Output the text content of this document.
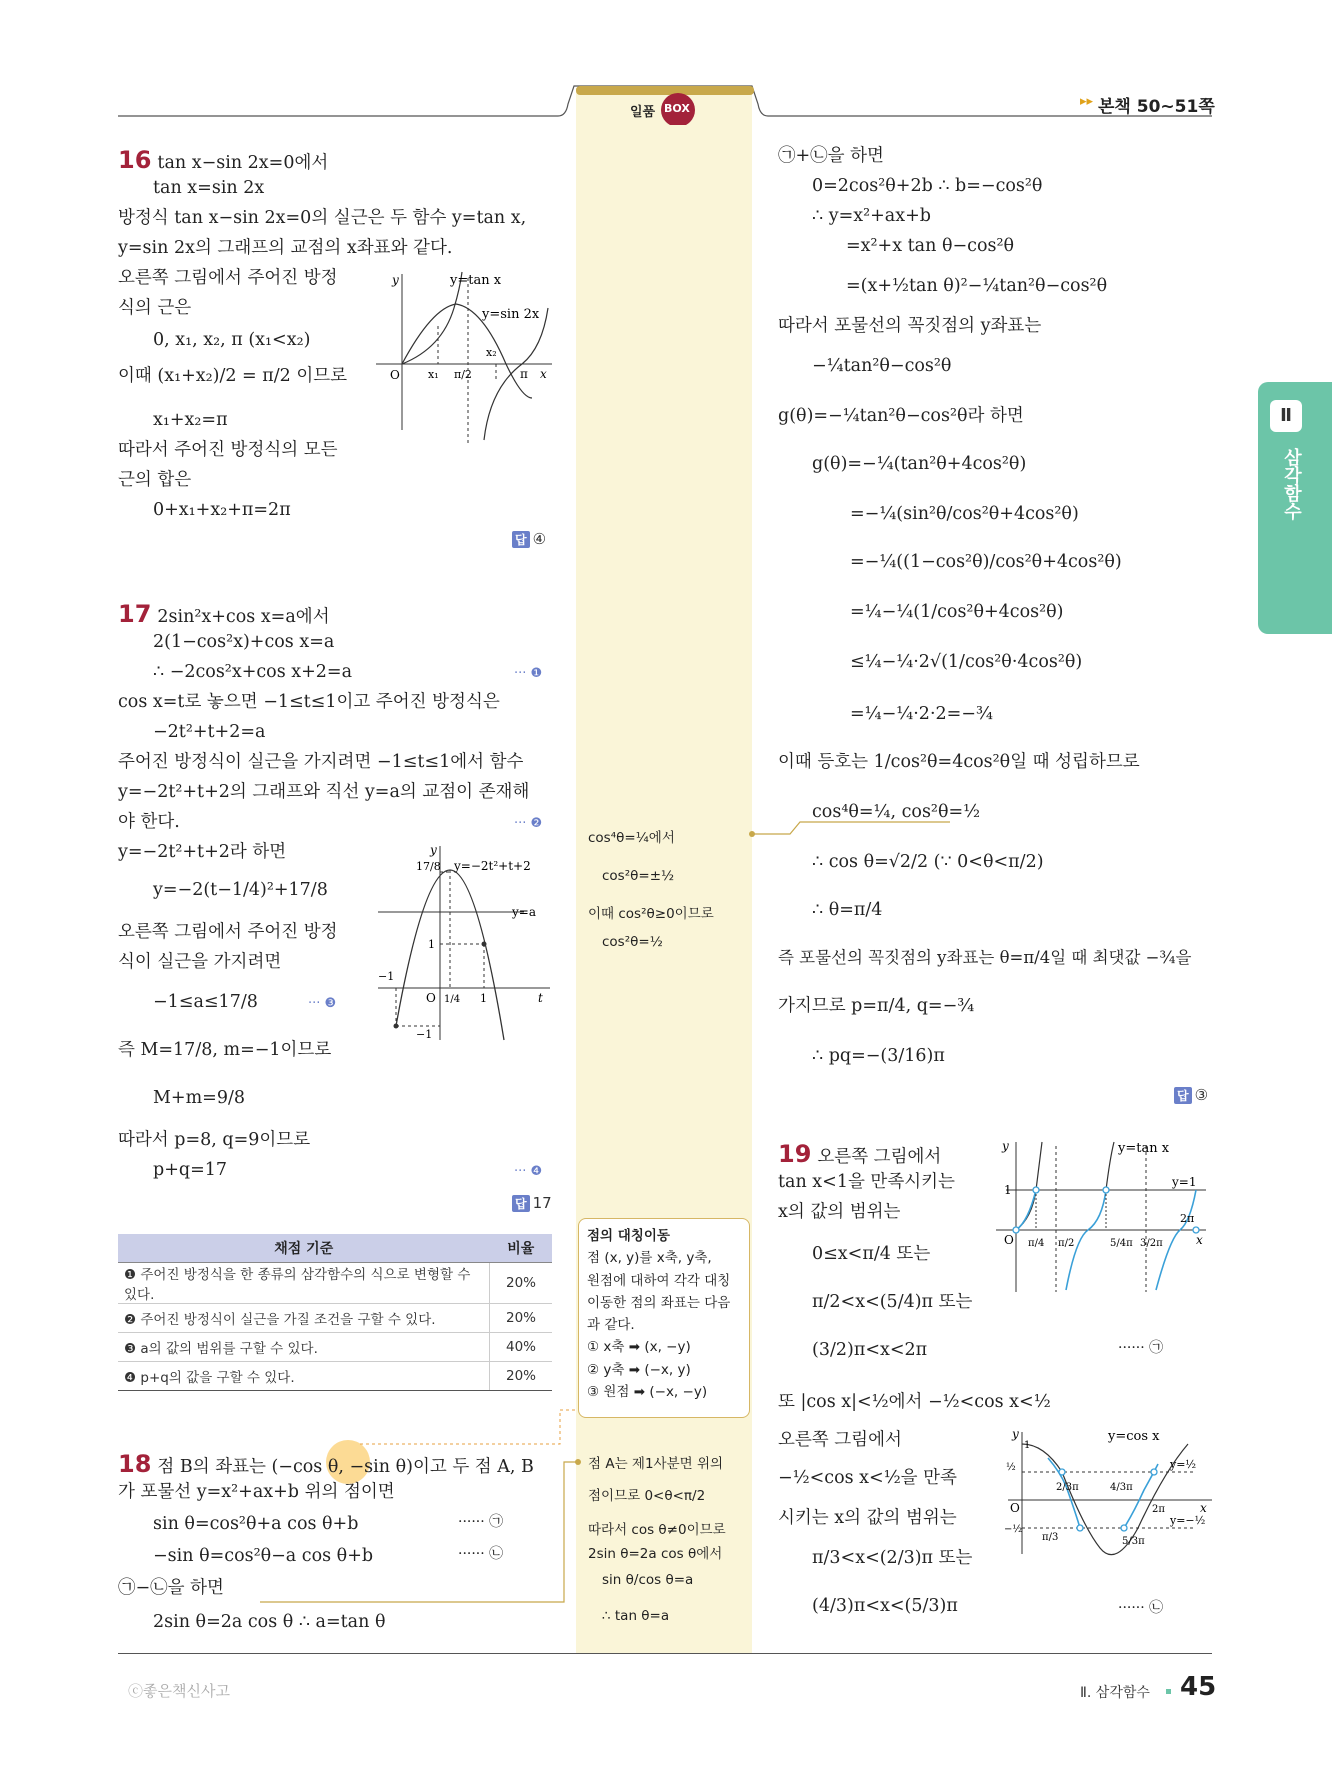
일품 BOX	▸▸ 본책 50~51쪽
Ⅱ
삼각함수
16 tan x−sin 2x=0에서
tan x=sin 2x
방정식 tan x−sin 2x=0의 실근은 두 함수 y=tan x,
y=sin 2x의 그래프의 교점의 x좌표와 같다.
오른쪽 그림에서 주어진 방정
식의 근은
0, x₁, x₂, π (x₁<x₂)
이때 (x₁+x₂)/2 = π/2 이므로
x₁+x₂=π
따라서 주어진 방정식의 모든
근의 합은
0+x₁+x₂+π=2π
답 ④
y	y=tan x
y=sin 2x
O	x₁ π/2
x₂
π x
17 2sin²x+cos x=a에서
2(1−cos²x)+cos x=a
∴ −2cos²x+cos x+2=a
cos x=t로 놓으면 −1≤t≤1이고 주어진 방정식은
−2t²+t+2=a
주어진 방정식이 실근을 가지려면 −1≤t≤1에서 함수
y=−2t²+t+2의 그래프와 직선 y=a의 교점이 존재해
야 한다.
y=−2t²+t+2라 하면
y=−2(t−1/4)²+17/8
오른쪽 그림에서 주어진 방정
식이 실근을 가지려면
−1≤a≤17/8
즉 M=17/8, m=−1이므로
M+m=9/8
따라서 p=8, q=9이므로
p+q=17
··· ❶
··· ❷
··· ❸
··· ❹
답 17
y
17/8 y=−2t²+t+2
y=a
1
−1
O 1/4 1	t
−1
채점 기준	비율
❶ 주어진 방정식을 한 종류의 삼각함수의 식으로 변형할 수 있다.	20%
❷ 주어진 방정식이 실근을 가질 조건을 구할 수 있다.	20%
❸ a의 값의 범위를 구할 수 있다.	40%
❹ p+q의 값을 구할 수 있다.	20%
18 점 B의 좌표는 (−cos θ, −sin θ)이고 두 점 A, B
가 포물선 y=x²+ax+b 위의 점이면
sin θ=cos²θ+a cos θ+b
−sin θ=cos²θ−a cos θ+b
㉠−㉡을 하면
2sin θ=2a cos θ ∴ a=tan θ
······ ㉠
······ ㉡
cos⁴θ=¼에서
cos²θ=±½
이때 cos²θ≥0이므로
cos²θ=½
점의 대칭이동
점 (x, y)를 x축, y축,
원점에 대하여 각각 대칭
이동한 점의 좌표는 다음
과 같다.
① x축 ➡ (x, −y)
② y축 ➡ (−x, y)
③ 원점 ➡ (−x, −y)
점 A는 제1사분면 위의
점이므로 0<θ<π/2
따라서 cos θ≠0이므로
2sin θ=2a cos θ에서
sin θ/cos θ=a
∴ tan θ=a
㉠+㉡을 하면
0=2cos²θ+2b ∴ b=−cos²θ
∴ y=x²+ax+b
=x²+x tan θ−cos²θ
=(x+½tan θ)²−¼tan²θ−cos²θ
따라서 포물선의 꼭짓점의 y좌표는
−¼tan²θ−cos²θ
g(θ)=−¼tan²θ−cos²θ라 하면
g(θ)=−¼(tan²θ+4cos²θ)
=−¼(sin²θ/cos²θ+4cos²θ)
=−¼((1−cos²θ)/cos²θ+4cos²θ)
=¼−¼(1/cos²θ+4cos²θ)
≤¼−¼·2√(1/cos²θ·4cos²θ)
=¼−¼·2·2=−¾
이때 등호는 1/cos²θ=4cos²θ일 때 성립하므로
cos⁴θ=¼, cos²θ=½
∴ cos θ=√2/2 (∵ 0<θ<π/2)
∴ θ=π/4
즉 포물선의 꼭짓점의 y좌표는 θ=π/4일 때 최댓값 −¾을
가지므로 p=π/4, q=−¾
∴ pq=−(3/16)π
답 ③
19 오른쪽 그림에서
tan x<1을 만족시키는
x의 값의 범위는
0≤x<π/4 또는
π/2<x<(5/4)π 또는
(3/2)π<x<2π
또 |cos x|<½에서 −½<cos x<½
오른쪽 그림에서
−½<cos x<½을 만족
시키는 x의 값의 범위는
π/3<x<(2/3)π 또는
(4/3)π<x<(5/3)π
······ ㉠
······ ㉡
y	y=tan x
y=1
1
O	x
π/4 π/2	5/4π 3/2π
2π
y	y=cos x
y=½
y=−½
½
1
O	x
−½
2/3π	4/3π
π/3	5/3π
2π
ⓒ좋은책신사고	Ⅱ. 삼각함수 45
